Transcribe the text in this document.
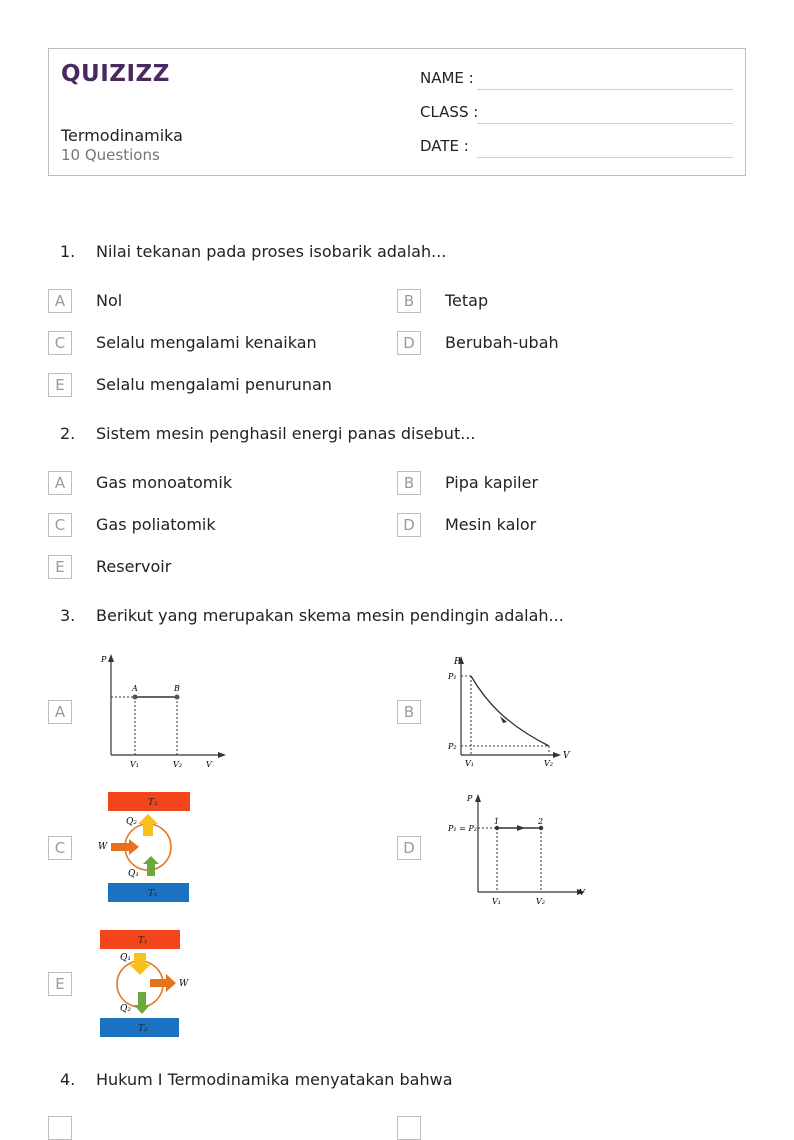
QUIZIZZ
Termodinamika
10 Questions
NAME :
CLASS :
DATE :
1. Nilai tekanan pada proses isobarik adalah...
A	Nol	B	Tetap
C	Selalu mengalami kenaikan	D	Berubah-ubah
E	Selalu mengalami penurunan
2. Sistem mesin penghasil energi panas disebut...
A	Gas monoatomik	B	Pipa kapiler
C	Gas poliatomik	D	Mesin kalor
E	Reservoir
3. Berikut yang merupakan skema mesin pendingin adalah...
A
P
A	B
V₁	V₂	V
B
P
P₁
P₂
V₁	V₂
V
C
T₂
Q₂
W
Q₁
T₁
D
P
P₁ = P₂
1	2
V₁	V₂
V
E
T₁
Q₁
W
Q₂
T₂
4. Hukum I Termodinamika menyatakan bahwa
